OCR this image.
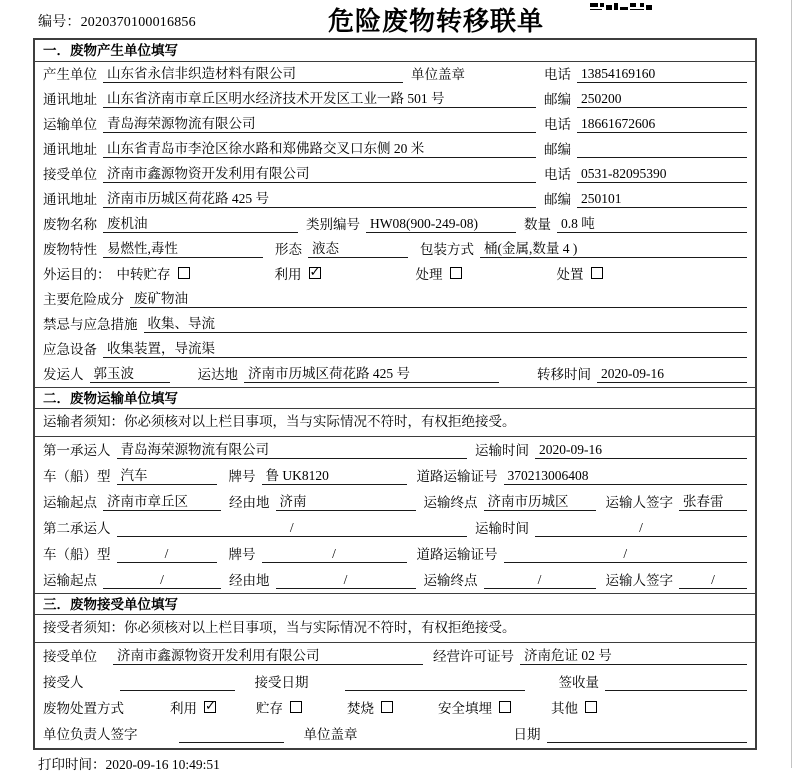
编号：2020370100016856	危险废物转移联单
一．废物产生单位填写
产生单位 山东省永信非织造材料有限公司	单位盖章	电话 13854169160
通讯地址 山东省济南市章丘区明水经济技术开发区工业一路 501 号	邮编 250200
运输单位 青岛海荣源物流有限公司	电话 18661672606
通讯地址 山东省青岛市李沧区徐水路和郑佛路交叉口东侧 20 米	邮编
接受单位 济南市鑫源物资开发利用有限公司	电话 0531-82095390
通讯地址 济南市历城区荷花路 425 号	邮编 250101
废物名称 废机油	类别编号 HW08(900-249-08)	数量 0.8 吨
废物特性 易燃性,毒性	形态 液态	包装方式 桶(金属,数量 4 )
外运目的： 中转贮存	利用 ✓	处理	处置
主要危险成分 废矿物油
禁忌与应急措施 收集、导流
应急设备 收集装置，导流渠
发运人 郭玉波	运达地 济南市历城区荷花路 425 号	转移时间 2020-09-16
二．废物运输单位填写
运输者须知：你必须核对以上栏目事项，当与实际情况不符时，有权拒绝接受。
第一承运人 青岛海荣源物流有限公司	运输时间 2020-09-16
车（船）型 汽车	牌号 鲁 UK8120	道路运输证号 370213006408
运输起点 济南市章丘区	经由地 济南	运输终点 济南市历城区	运输人签字 张春雷
第二承运人	/	运输时间	/
车（船）型	/	牌号	/	道路运输证号	/
运输起点	/	经由地	/	运输终点	/	运输人签字	/
三．废物接受单位填写
接受者须知：你必须核对以上栏目事项，当与实际情况不符时，有权拒绝接受。
接受单位 济南市鑫源物资开发利用有限公司	经营许可证号 济南危证 02 号
接受人	接受日期	签收量
废物处置方式	利用 ✓	贮存	焚烧	安全填埋	其他
单位负责人签字	单位盖章	日期
打印时间：2020-09-16 10:49:51
